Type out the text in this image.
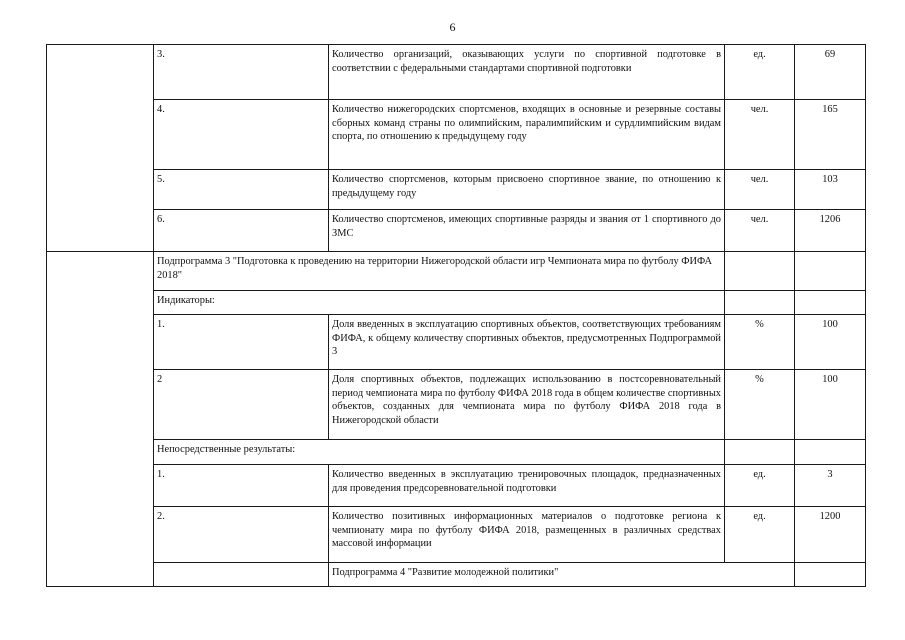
6
	3.	Количество организаций, оказывающих услуги по спортивной подготовке в соответствии с федеральными стандартами спортивной подготовки	ед.	69	
	4.	Количество нижегородских спортсменов, входящих в основные и резервные составы сборных команд страны по олимпийским, паралимпийским и сурдлимпийским видам спорта, по отношению к предыдущему году	чел.	165	
	5.	Количество спортсменов, которым присвоено спортивное звание, по отношению к предыдущему году	чел.	103	
	6.	Количество спортсменов, имеющих спортивные разряды и звания от 1 спортивного до ЗМС	чел.	1206	
	Подпрограмма 3 "Подготовка к проведению на территории Нижегородской области игр Чемпионата мира по футболу ФИФА 2018"				
	Индикаторы:				
	1.	Доля введенных в эксплуатацию спортивных объектов, соответствующих требованиям ФИФА, к общему количеству спортивных объектов, предусмотренных Подпрограммой 3	%	100	
	2	Доля спортивных объектов, подлежащих использованию в постсоревновательный период чемпионата мира по футболу ФИФА 2018 года в общем количестве спортивных объектов, созданных для чемпионата мира по футболу ФИФА 2018 года в Нижегородской области	%	100	
	Непосредственные результаты:				
	1.	Количество введенных в эксплуатацию тренировочных площадок, предназначенных для проведения предсоревновательной подготовки	ед.	3	
	2.	Количество позитивных информационных материалов о подготовке региона к чемпионату мира по футболу ФИФА 2018, размещенных в различных средствах массовой информации	ед.	1200	
		Подпрограмма 4 "Развитие молодежной политики"			
